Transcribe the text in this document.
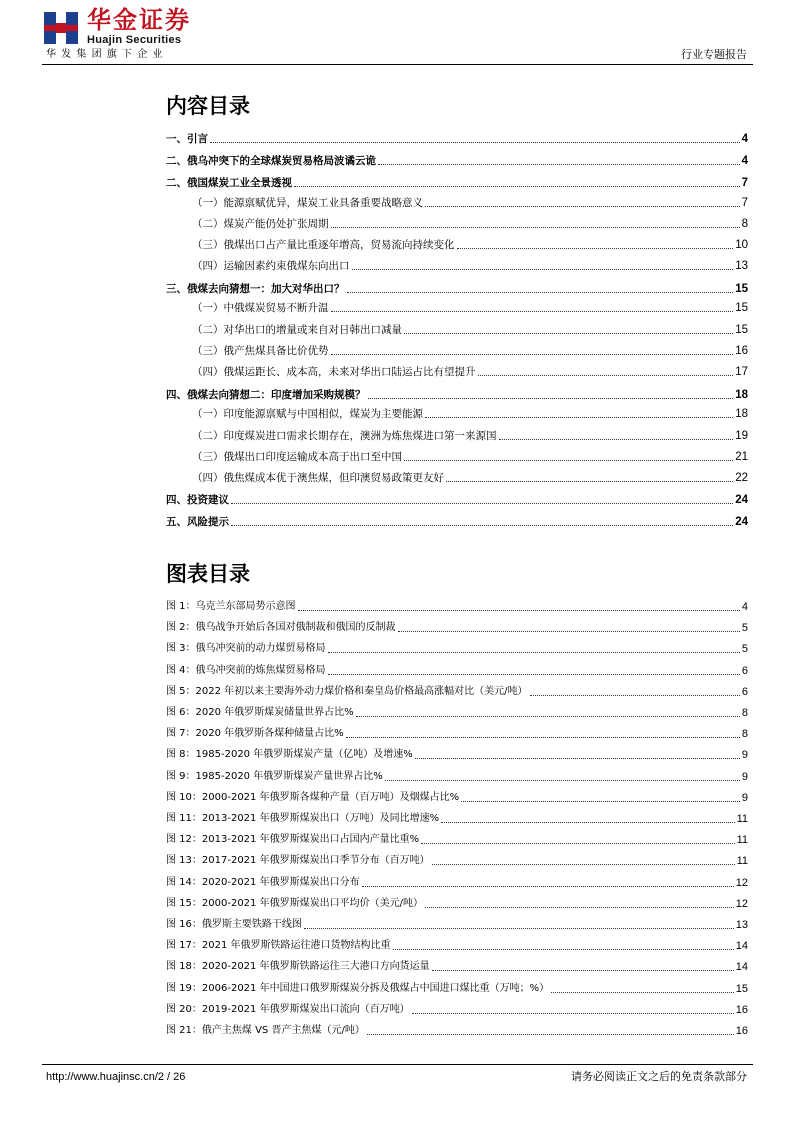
华金证券
Huajin Securities
华发集团旗下企业	行业专题报告
内容目录
一、引言	4
二、俄乌冲突下的全球煤炭贸易格局波谲云诡	4
二、俄国煤炭工业全景透视	7
（一）能源禀赋优异，煤炭工业具备重要战略意义	7
（二）煤炭产能仍处扩张周期	8
（三）俄煤出口占产量比重逐年增高，贸易流向持续变化	10
（四）运输因素约束俄煤东向出口	13
三、俄煤去向猜想一：加大对华出口？	15
（一）中俄煤炭贸易不断升温	15
（二）对华出口的增量或来自对日韩出口减量	15
（三）俄产焦煤具备比价优势	16
（四）俄煤运距长、成本高，未来对华出口陆运占比有望提升	17
四、俄煤去向猜想二：印度增加采购规模？	18
（一）印度能源禀赋与中国相似，煤炭为主要能源	18
（二）印度煤炭进口需求长期存在，澳洲为炼焦煤进口第一来源国	19
（三）俄煤出口印度运输成本高于出口至中国	21
（四）俄焦煤成本优于澳焦煤，但印澳贸易政策更友好	22
四、投资建议	24
五、风险提示	24
图表目录
图 1：乌克兰东部局势示意图	4
图 2：俄乌战争开始后各国对俄制裁和俄国的反制裁	5
图 3：俄乌冲突前的动力煤贸易格局	5
图 4：俄乌冲突前的炼焦煤贸易格局	6
图 5：2022 年初以来主要海外动力煤价格和秦皇岛价格最高涨幅对比（美元/吨）	6
图 6：2020 年俄罗斯煤炭储量世界占比%	8
图 7：2020 年俄罗斯各煤种储量占比%	8
图 8：1985-2020 年俄罗斯煤炭产量（亿吨）及增速%	9
图 9：1985-2020 年俄罗斯煤炭产量世界占比%	9
图 10：2000-2021 年俄罗斯各煤种产量（百万吨）及烟煤占比%	9
图 11：2013-2021 年俄罗斯煤炭出口（万吨）及同比增速%	11
图 12：2013-2021 年俄罗斯煤炭出口占国内产量比重%	11
图 13：2017-2021 年俄罗斯煤炭出口季节分布（百万吨）	11
图 14：2020-2021 年俄罗斯煤炭出口分布	12
图 15：2000-2021 年俄罗斯煤炭出口平均价（美元/吨）	12
图 16：俄罗斯主要铁路干线图	13
图 17：2021 年俄罗斯铁路运往港口货物结构比重	14
图 18：2020-2021 年俄罗斯铁路运往三大港口方向货运量	14
图 19：2006-2021 年中国进口俄罗斯煤炭分拆及俄煤占中国进口煤比重（万吨；%）	15
图 20：2019-2021 年俄罗斯煤炭出口流向（百万吨）	16
图 21：俄产主焦煤 VS 晋产主焦煤（元/吨）	16
http://www.huajinsc.cn/2 / 26	请务必阅读正文之后的免责条款部分
